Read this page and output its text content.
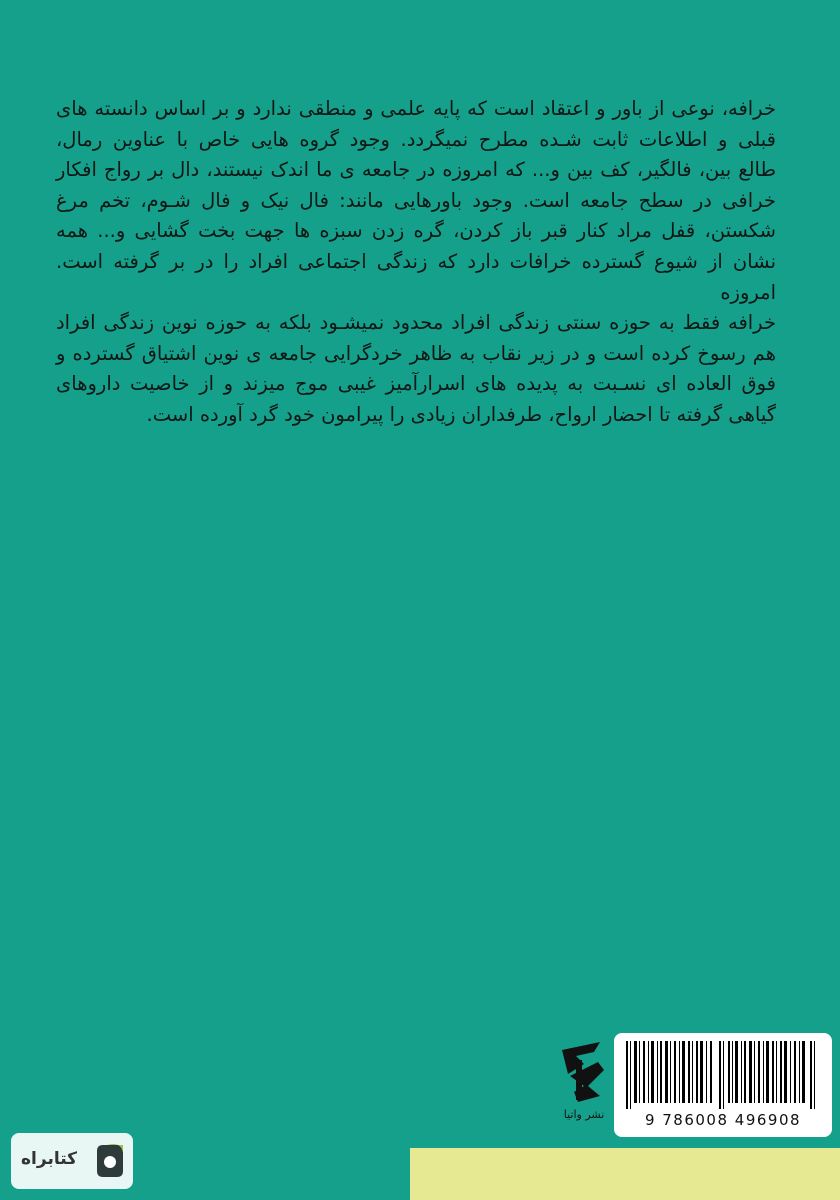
خرافه، نوعی از باور و اعتقاد است که پایه علمی و منطقی ندارد و بر اساس دانسته های
قبلی و اطلاعات ثابت شـده مطرح نمیگردد. وجود گروه هایی خاص با عناوین رمال،
طالع بین، فالگیر، کف بین و... که امروزه در جامعه ی ما اندک نیستند، دال بر رواج افکار
خرافی در سطح جامعه است. وجود باورهایی مانند: فال نیک و فال شـوم، تخم مرغ
شکستن، قفل مراد کنار قبر باز کردن، گره زدن سبزه ها جهت بخت گشایی و... همه
نشان از شیوع گسترده خرافات دارد که زندگی اجتماعی افراد را در بر گرفته است. امروزه
خرافه فقط به حوزه سنتی زندگی افراد محدود نمیشـود بلکه به حوزه نوین زندگی افراد
هم رسوخ کرده است و در زیر نقاب به ظاهر خردگرایی جامعه ی نوین اشتیاق گسترده و
فوق العاده ای نسـبت به پدیده های اسرارآمیز غیبی موج میزند و از خاصیت داروهای
گیاهی گرفته تا احضار ارواح، طرفداران زیادی را پیرامون خود گرد آورده است.
نشر واتیا	9 786008 496908
کتابراه
